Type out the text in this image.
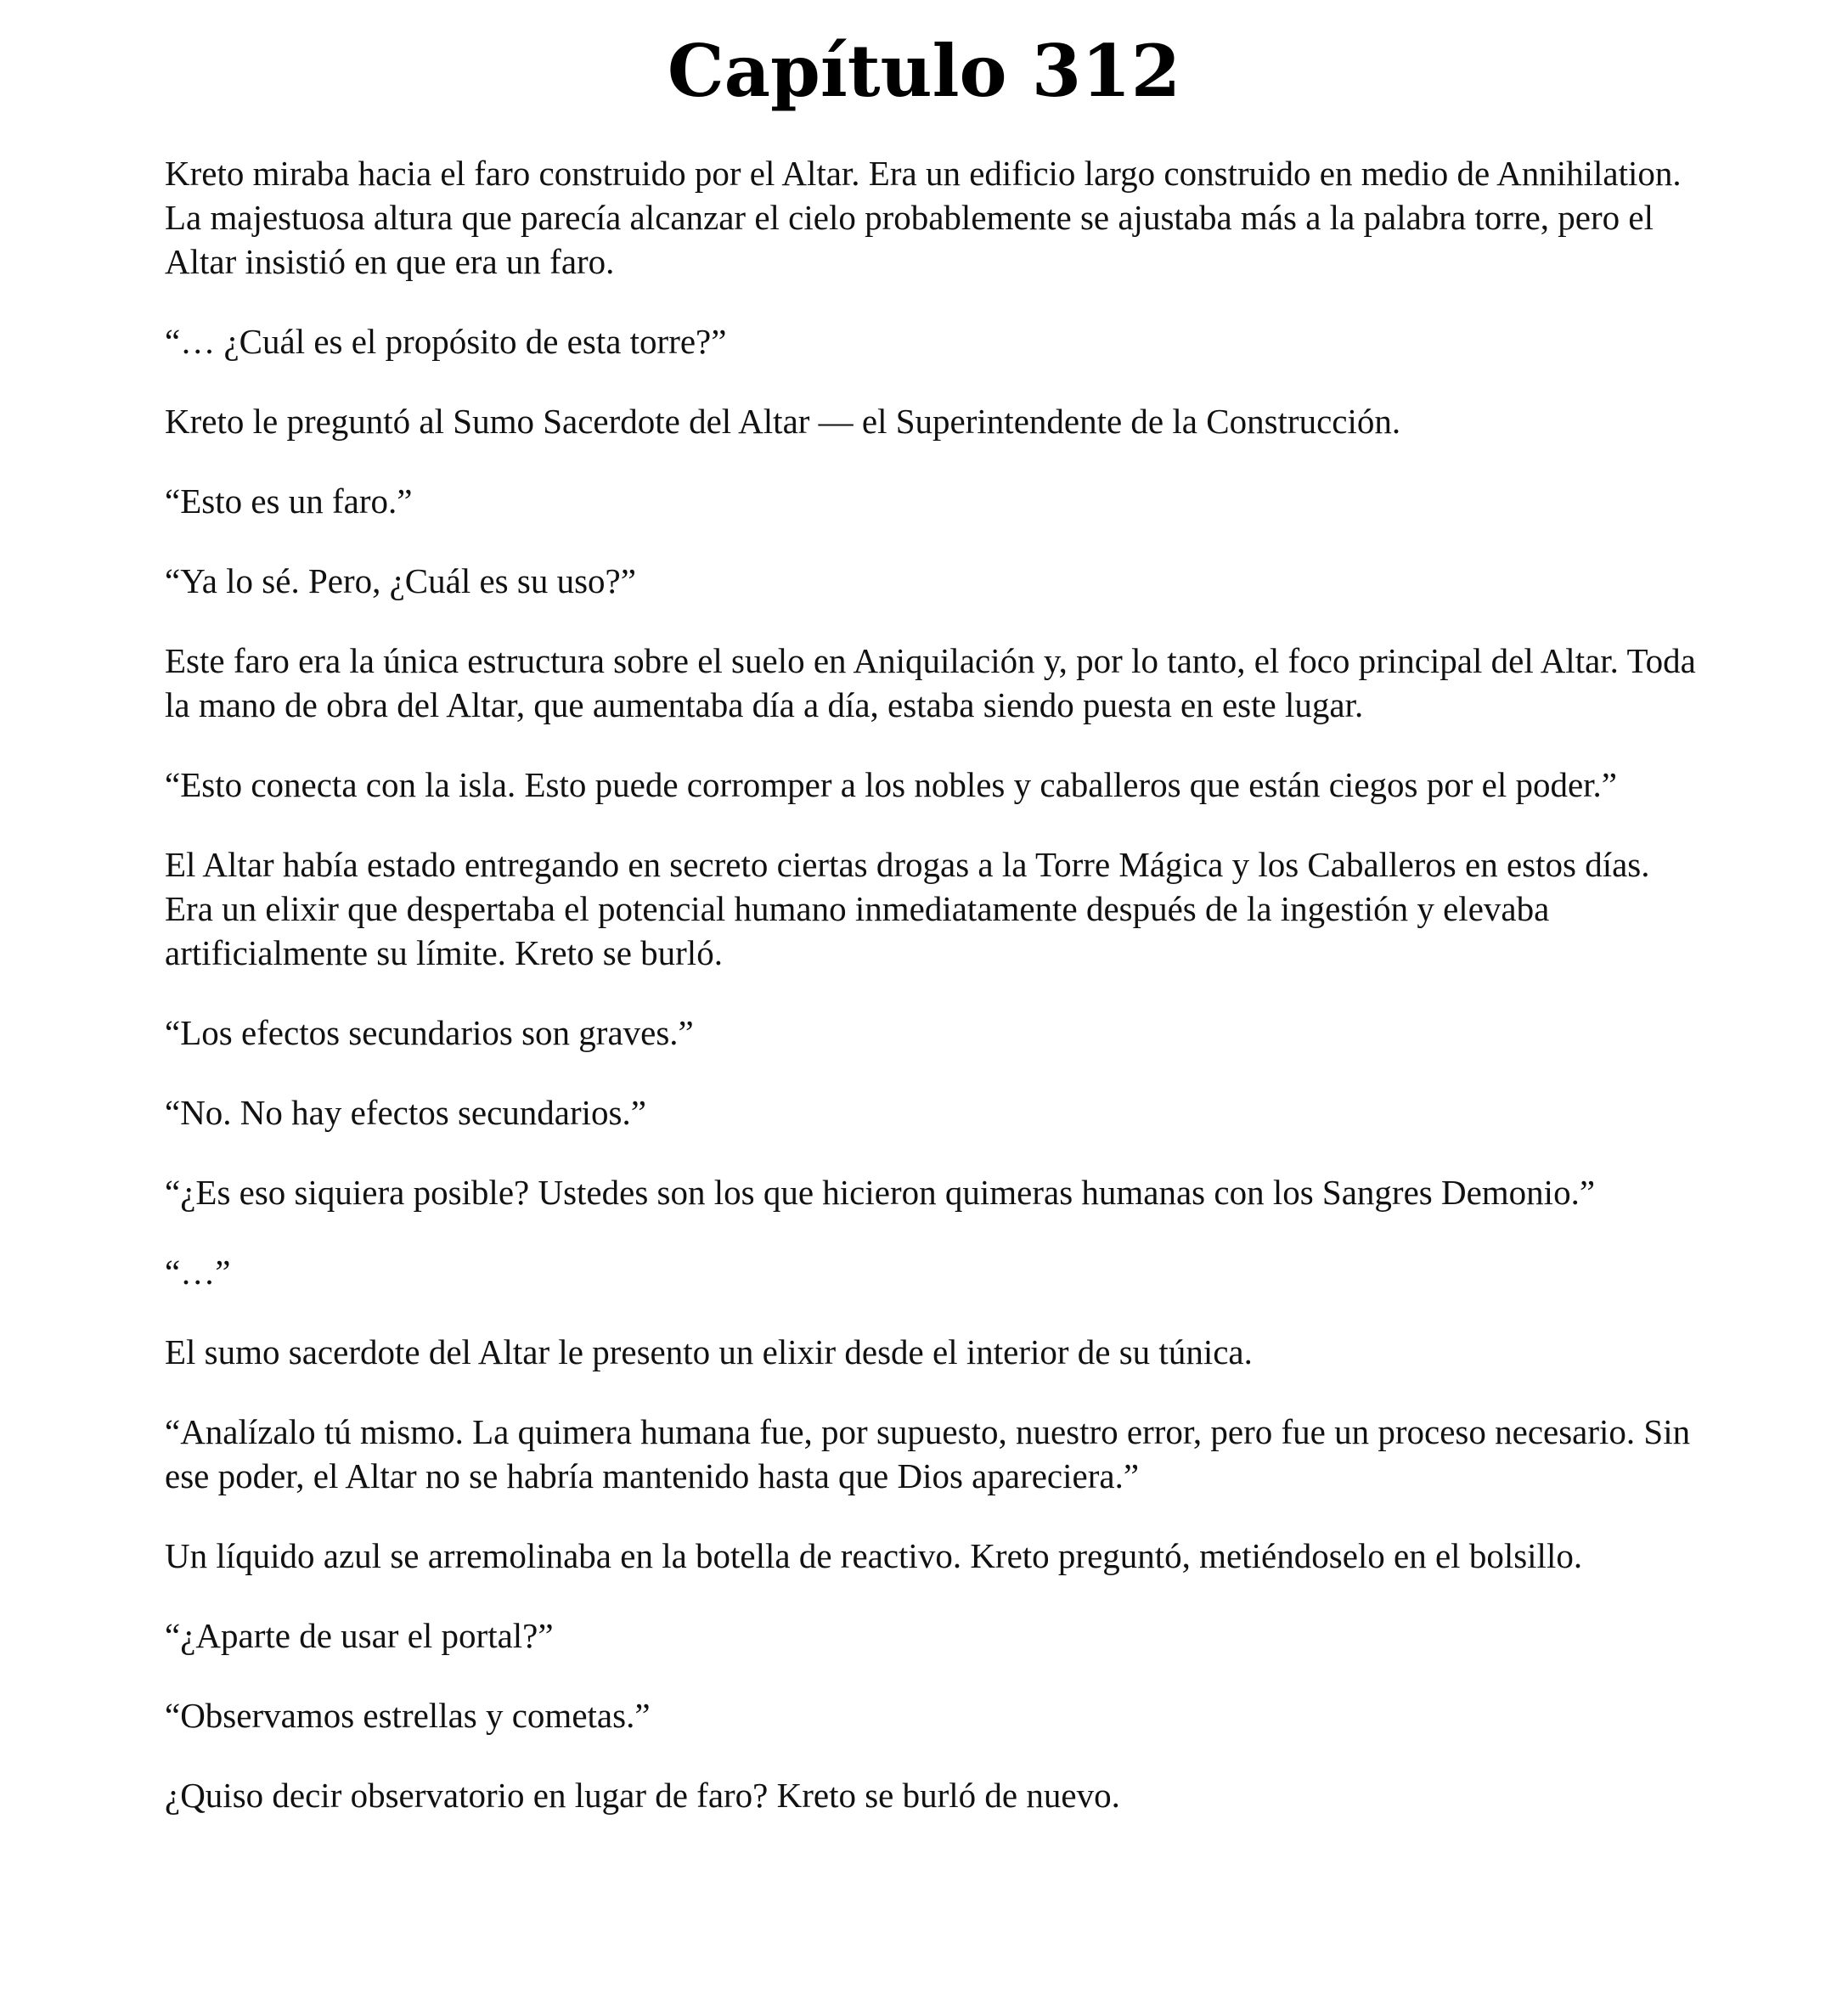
Capítulo 312

Kreto miraba hacia el faro construido por el Altar. Era un edificio largo construido en medio de Annihilation. La majestuosa altura que parecía alcanzar el cielo probablemente se ajustaba más a la palabra torre, pero el Altar insistió en que era un faro.

“… ¿Cuál es el propósito de esta torre?”

Kreto le preguntó al Sumo Sacerdote del Altar — el Superintendente de la Construcción.

“Esto es un faro.”

“Ya lo sé. Pero, ¿Cuál es su uso?”

Este faro era la única estructura sobre el suelo en Aniquilación y, por lo tanto, el foco principal del Altar. Toda la mano de obra del Altar, que aumentaba día a día, estaba siendo puesta en este lugar.

“Esto conecta con la isla. Esto puede corromper a los nobles y caballeros que están ciegos por el poder.”

El Altar había estado entregando en secreto ciertas drogas a la Torre Mágica y los Caballeros en estos días. Era un elixir que despertaba el potencial humano inmediatamente después de la ingestión y elevaba artificialmente su límite. Kreto se burló.

“Los efectos secundarios son graves.”

“No. No hay efectos secundarios.”

“¿Es eso siquiera posible? Ustedes son los que hicieron quimeras humanas con los Sangres Demonio.”

“…”

El sumo sacerdote del Altar le presento un elixir desde el interior de su túnica.

“Analízalo tú mismo. La quimera humana fue, por supuesto, nuestro error, pero fue un proceso necesario. Sin ese poder, el Altar no se habría mantenido hasta que Dios apareciera.”

Un líquido azul se arremolinaba en la botella de reactivo. Kreto preguntó, metiéndoselo en el bolsillo.

“¿Aparte de usar el portal?”

“Observamos estrellas y cometas.”

¿Quiso decir observatorio en lugar de faro? Kreto se burló de nuevo.
